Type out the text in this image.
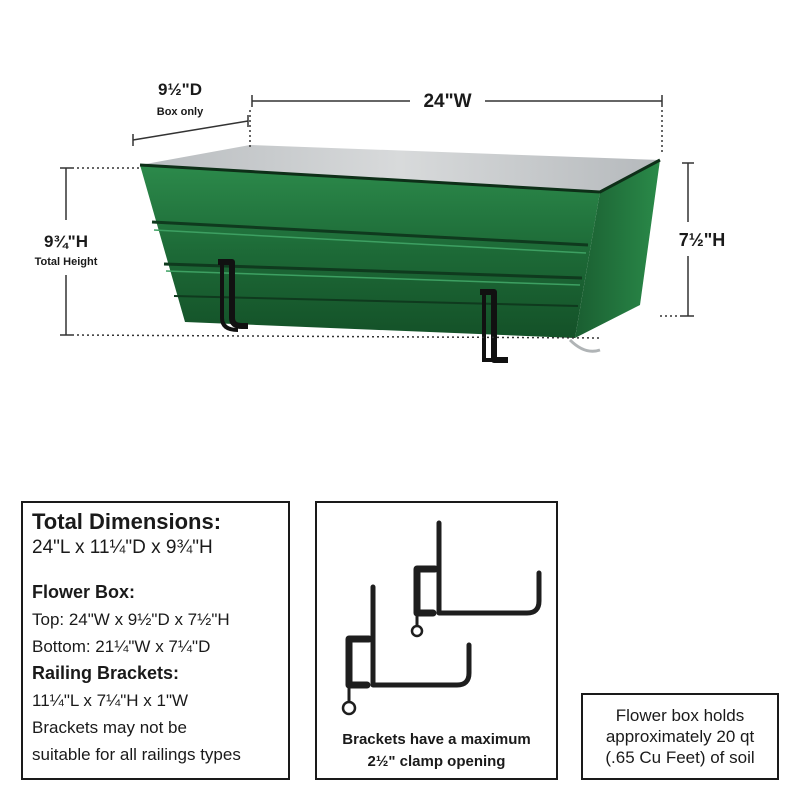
9½"D
Box only	24"W
9¾"H
Total Height
7½"H
Total Dimensions:
24"L x 11¼"D x 9¾"H
Flower Box:
Top: 24"W x 9½"D x 7½"H
Bottom: 21¼"W x 7¼"D
Railing Brackets:
11¼"L x 7¼"H x 1"W
Brackets may not be
suitable for all railings types
Brackets have a maximum
2½" clamp opening
Flower box holds
approximately 20 qt
(.65 Cu Feet) of soil
